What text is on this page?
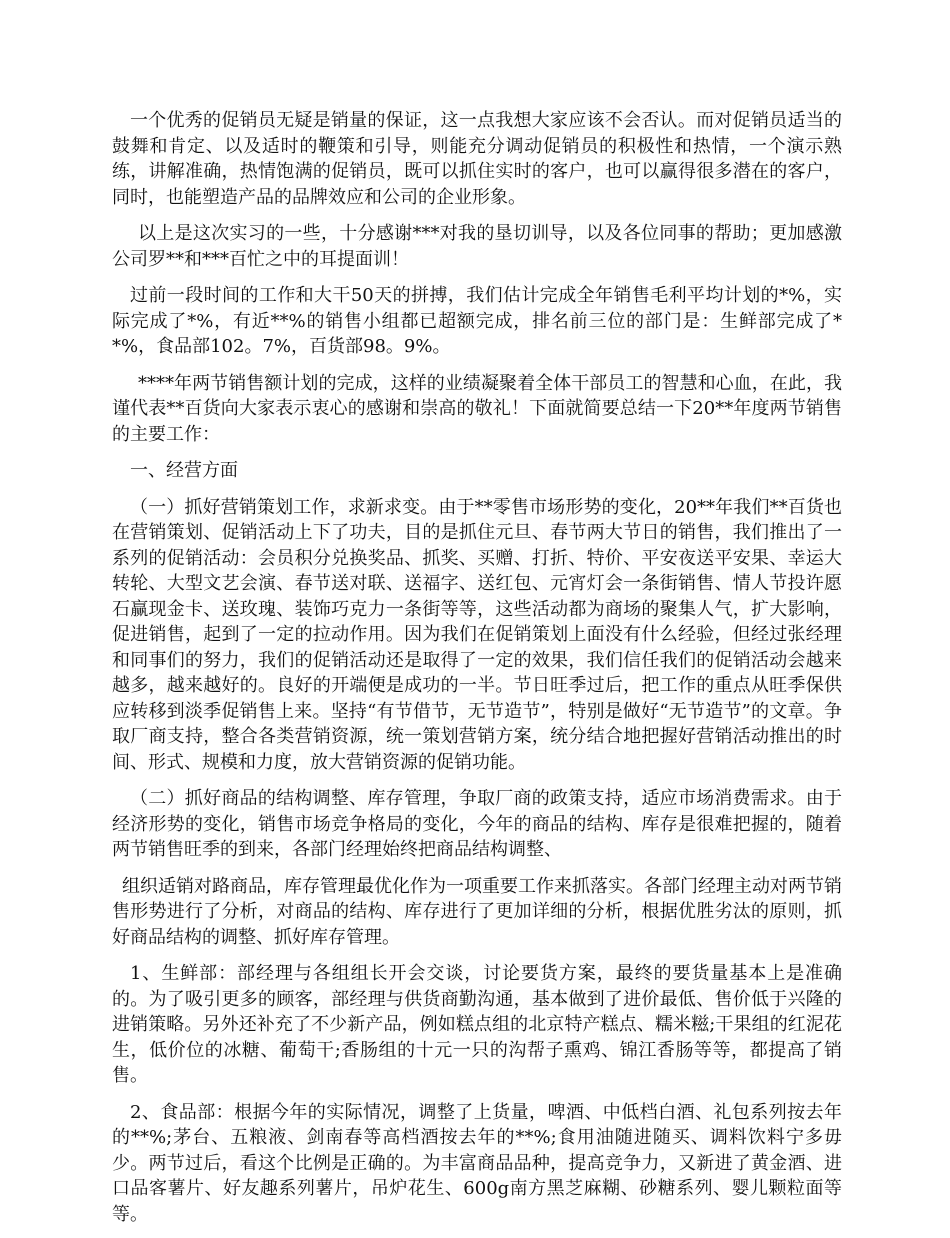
一个优秀的促销员无疑是销量的保证，这一点我想大家应该不会否认。而对促销员适当的鼓舞和肯定、以及适时的鞭策和引导，则能充分调动促销员的积极性和热情，一个演示熟练，讲解准确，热情饱满的促销员，既可以抓住实时的客户，也可以赢得很多潜在的客户，同时，也能塑造产品的品牌效应和公司的企业形象。

以上是这次实习的一些，十分感谢***对我的垦切训导，以及各位同事的帮助；更加感激公司罗**和***百忙之中的耳提面训！

过前一段时间的工作和大干50天的拼搏，我们估计完成全年销售毛利平均计划的*%，实际完成了*%，有近**%的销售小组都已超额完成，排名前三位的部门是：生鲜部完成了**%，食品部102。7%，百货部98。9%。

****年两节销售额计划的完成，这样的业绩凝聚着全体干部员工的智慧和心血，在此，我谨代表**百货向大家表示衷心的感谢和崇高的敬礼！下面就简要总结一下20**年度两节销售的主要工作：

一、经营方面

（一）抓好营销策划工作，求新求变。由于**零售市场形势的变化，20**年我们**百货也在营销策划、促销活动上下了功夫，目的是抓住元旦、春节两大节日的销售，我们推出了一系列的促销活动：会员积分兑换奖品、抓奖、买赠、打折、特价、平安夜送平安果、幸运大转轮、大型文艺会演、春节送对联、送福字、送红包、元宵灯会一条街销售、情人节投许愿石赢现金卡、送玫瑰、装饰巧克力一条街等等，这些活动都为商场的聚集人气，扩大影响，促进销售，起到了一定的拉动作用。因为我们在促销策划上面没有什么经验，但经过张经理和同事们的努力，我们的促销活动还是取得了一定的效果，我们信任我们的促销活动会越来越多，越来越好的。良好的开端便是成功的一半。节日旺季过后，把工作的重点从旺季保供应转移到淡季促销售上来。坚持“有节借节，无节造节”，特别是做好“无节造节”的文章。争取厂商支持，整合各类营销资源，统一策划营销方案，统分结合地把握好营销活动推出的时间、形式、规模和力度，放大营销资源的促销功能。

（二）抓好商品的结构调整、库存管理，争取厂商的政策支持，适应市场消费需求。由于经济形势的变化，销售市场竞争格局的变化，今年的商品的结构、库存是很难把握的，随着两节销售旺季的到来，各部门经理始终把商品结构调整、

组织适销对路商品，库存管理最优化作为一项重要工作来抓落实。各部门经理主动对两节销售形势进行了分析，对商品的结构、库存进行了更加详细的分析，根据优胜劣汰的原则，抓好商品结构的调整、抓好库存管理。

1、生鲜部：部经理与各组组长开会交谈，讨论要货方案，最终的要货量基本上是准确的。为了吸引更多的顾客，部经理与供货商勤沟通，基本做到了进价最低、售价低于兴隆的进销策略。另外还补充了不少新产品，例如糕点组的北京特产糕点、糯米糍;干果组的红泥花生，低价位的冰糖、葡萄干;香肠组的十元一只的沟帮子熏鸡、锦江香肠等等，都提高了销售。

2、食品部：根据今年的实际情况，调整了上货量，啤酒、中低档白酒、礼包系列按去年的**%;茅台、五粮液、剑南春等高档酒按去年的**%;食用油随进随买、调料饮料宁多毋少。两节过后，看这个比例是正确的。为丰富商品品种，提高竞争力，又新进了黄金酒、进口品客薯片、好友趣系列薯片，吊炉花生、600g南方黑芝麻糊、砂糖系列、婴儿颗粒面等等。
